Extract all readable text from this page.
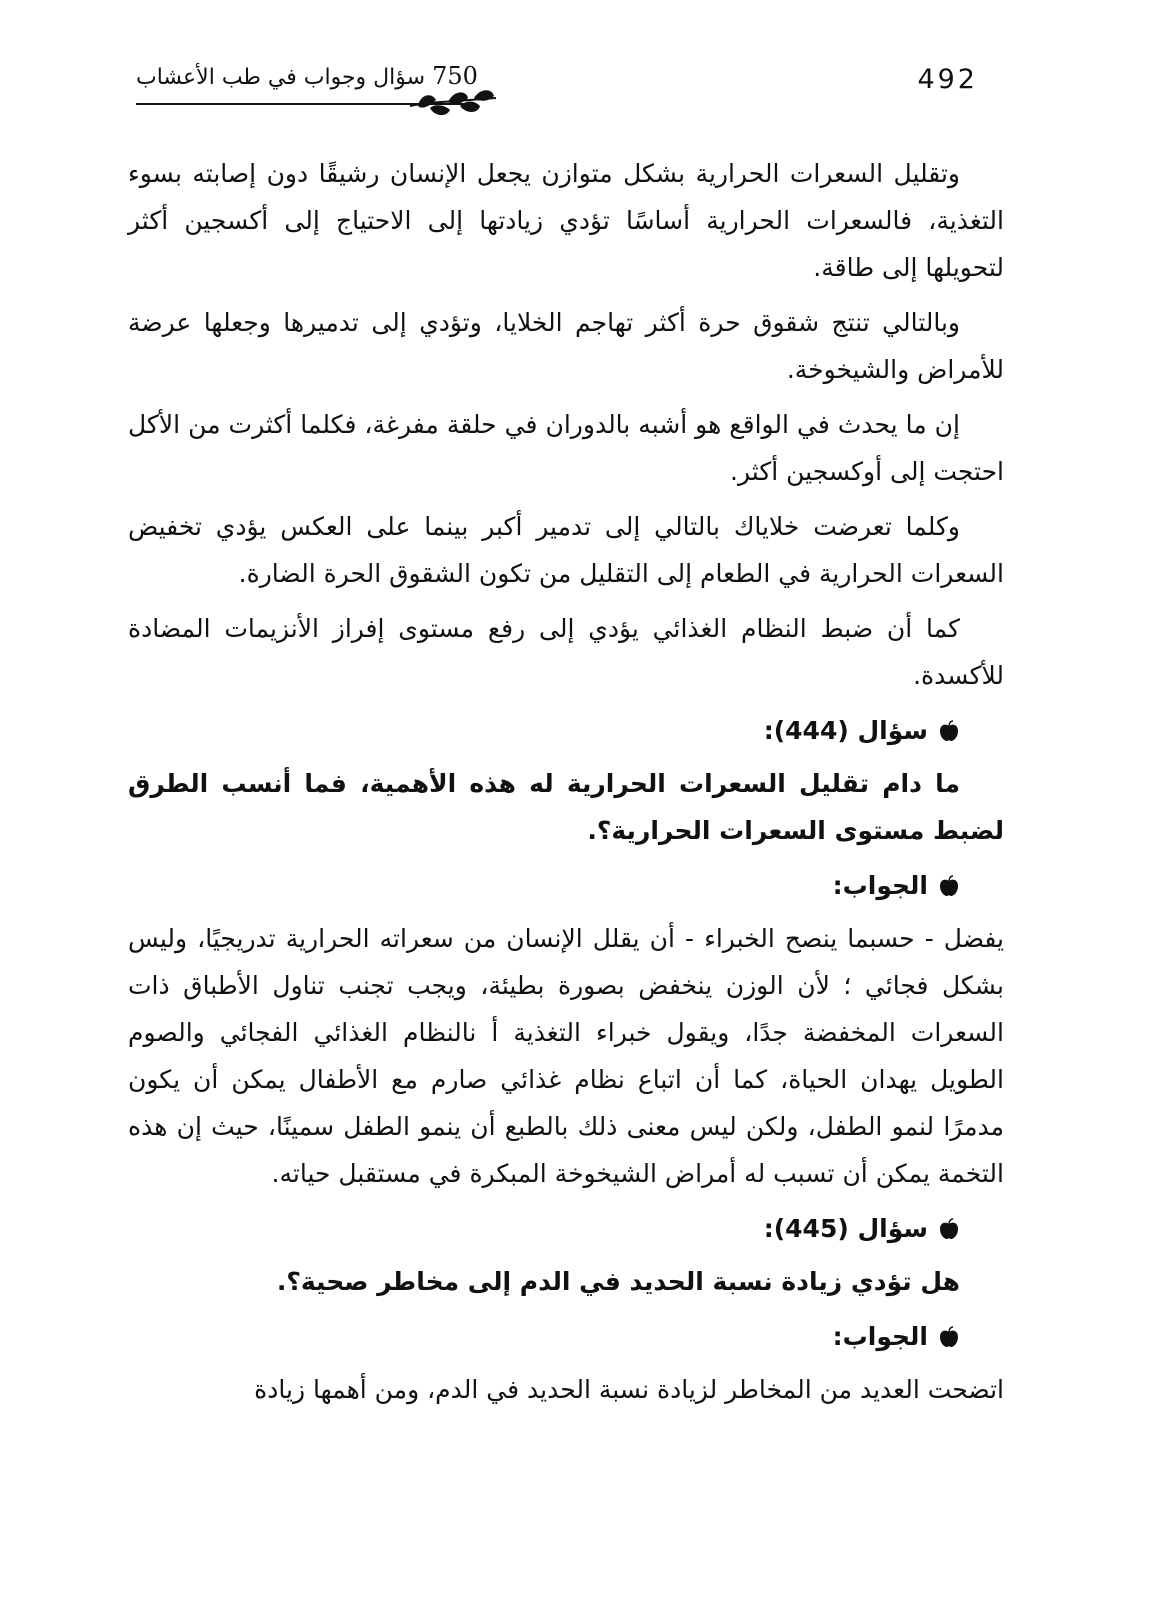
750 سؤال وجواب في طب الأعشاب	492

وتقليل السعرات الحرارية بشكل متوازن يجعل الإنسان رشيقًا دون إصابته بسوء التغذية، فالسعرات الحرارية أساسًا تؤدي زيادتها إلى الاحتياج إلى أكسجين أكثر لتحويلها إلى طاقة.

وبالتالي تنتج شقوق حرة أكثر تهاجم الخلايا، وتؤدي إلى تدميرها وجعلها عرضة للأمراض والشيخوخة.

إن ما يحدث في الواقع هو أشبه بالدوران في حلقة مفرغة، فكلما أكثرت من الأكل احتجت إلى أوكسجين أكثر.

وكلما تعرضت خلاياك بالتالي إلى تدمير أكبر بينما على العكس يؤدي تخفيض السعرات الحرارية في الطعام إلى التقليل من تكون الشقوق الحرة الضارة.

كما أن ضبط النظام الغذائي يؤدي إلى رفع مستوى إفراز الأنزيمات المضادة للأكسدة.

سؤال (444):

ما دام تقليل السعرات الحرارية له هذه الأهمية، فما أنسب الطرق لضبط مستوى السعرات الحرارية؟.

الجواب:

يفضل - حسبما ينصح الخبراء - أن يقلل الإنسان من سعراته الحرارية تدريجيًا، وليس بشكل فجائي ؛ لأن الوزن ينخفض بصورة بطيئة، ويجب تجنب تناول الأطباق ذات السعرات المخفضة جدًا، ويقول خبراء التغذية أ نالنظام الغذائي الفجائي والصوم الطويل يهدان الحياة، كما أن اتباع نظام غذائي صارم مع الأطفال يمكن أن يكون مدمرًا لنمو الطفل، ولكن ليس معنى ذلك بالطبع أن ينمو الطفل سمينًا، حيث إن هذه التخمة يمكن أن تسبب له أمراض الشيخوخة المبكرة في مستقبل حياته.

سؤال (445):

هل تؤدي زيادة نسبة الحديد في الدم إلى مخاطر صحية؟.

الجواب:

اتضحت العديد من المخاطر لزيادة نسبة الحديد في الدم، ومن أهمها زيادة
